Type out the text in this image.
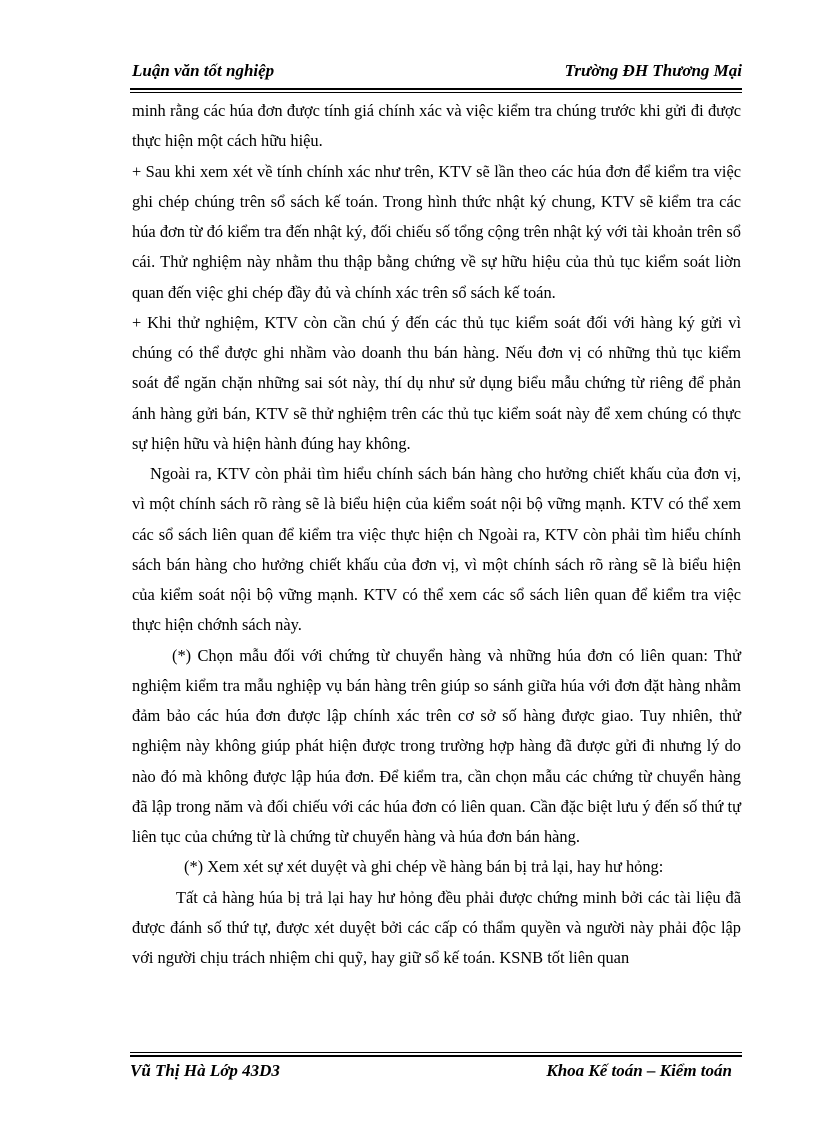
Luận văn tốt nghiệp	Trường ĐH Thương Mại

minh rằng các húa đơn được tính giá chính xác và việc kiểm tra chúng trước khi gửi đi được thực hiện một cách hữu hiệu.

+ Sau khi xem xét về tính chính xác như trên, KTV sẽ lần theo các húa đơn để kiểm tra việc ghi chép chúng trên sổ sách kế toán. Trong hình thức nhật ký chung, KTV sẽ kiểm tra các húa đơn từ đó kiểm tra đến nhật ký, đối chiếu số tổng cộng trên nhật ký với tài khoản trên sổ cái. Thử nghiệm này nhằm thu thập bằng chứng về sự hữu hiệu của thủ tục kiểm soát liờn quan đến việc ghi chép đầy đủ và chính xác trên sổ sách kế toán.

+ Khi thử nghiệm, KTV còn cần chú ý đến các thủ tục kiểm soát đối với hàng ký gửi vì chúng có thể được ghi nhầm vào doanh thu bán hàng. Nếu đơn vị có những thủ tục kiểm soát để ngăn chặn những sai sót này, thí dụ như sử dụng biểu mẫu chứng từ riêng để phản ánh hàng gửi bán, KTV sẽ thử nghiệm trên các thủ tục kiểm soát này để xem chúng có thực sự hiện hữu và hiện hành đúng hay không.

Ngoài ra, KTV còn phải tìm hiểu chính sách bán hàng cho hưởng chiết khấu của đơn vị, vì một chính sách rõ ràng sẽ là biểu hiện của kiểm soát nội bộ vững mạnh. KTV có thể xem các sổ sách liên quan để kiểm tra việc thực hiện ch Ngoài ra, KTV còn phải tìm hiểu chính sách bán hàng cho hưởng chiết khấu của đơn vị, vì một chính sách rõ ràng sẽ là biểu hiện của kiểm soát nội bộ vững mạnh. KTV có thể xem các sổ sách liên quan để kiểm tra việc thực hiện chớnh sách này.

(*) Chọn mẫu đối với chứng từ chuyển hàng và những húa đơn có liên quan: Thử nghiệm kiểm tra mẫu nghiệp vụ bán hàng trên giúp so sánh giữa húa với đơn đặt hàng nhằm đảm bảo các húa đơn được lập chính xác trên cơ sở số hàng được giao. Tuy nhiên, thử nghiệm này không giúp phát hiện được trong trường hợp hàng đã được gửi đi nhưng lý do nào đó mà không được lập húa đơn. Để kiểm tra, cần chọn mẫu các chứng từ chuyển hàng đã lập trong năm và đối chiếu với các húa đơn có liên quan. Cần đặc biệt lưu ý đến số thứ tự liên tục của chứng từ là chứng từ chuyển hàng và húa đơn bán hàng.

(*) Xem xét sự xét duyệt và ghi chép về hàng bán bị trả lại, hay hư hỏng:

Tất cả hàng húa bị trả lại hay hư hỏng đều phải được chứng minh bởi các tài liệu đã được đánh số thứ tự, được xét duyệt bởi các cấp có thẩm quyền và người này phải độc lập với người chịu trách nhiệm chi quỹ, hay giữ sổ kế toán. KSNB tốt liên quan

Vũ Thị Hà Lớp 43D3	Khoa Kế toán – Kiểm toán
